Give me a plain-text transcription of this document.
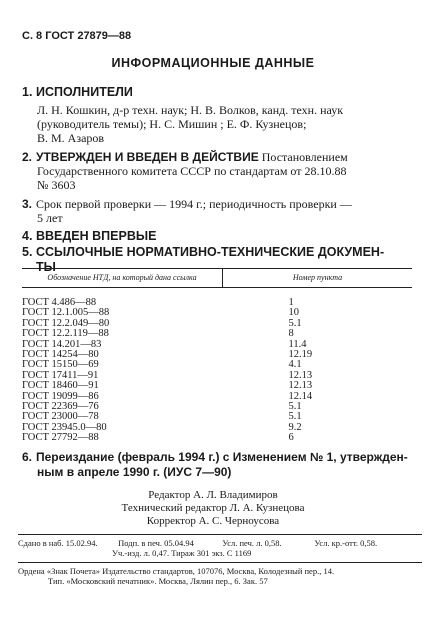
С. 8 ГОСТ 27879—88
ИНФОРМАЦИОННЫЕ ДАННЫЕ
1. ИСПОЛНИТЕЛИ
Л. Н. Кошкин, д-р техн. наук; Н. В. Волков, канд. техн. наук
(руководитель темы); Н. С. Мишин ; Е. Ф. Кузнецов;
В. М. Азаров
2. УТВЕРЖДЕН И ВВЕДЕН В ДЕЙСТВИЕ Постановлением
Государственного комитета СССР по стандартам от 28.10.88
№ 3603
3. Срок первой проверки — 1994 г.; периодичность проверки —
5 лет
4. ВВЕДЕН ВПЕРВЫЕ
5. ССЫЛОЧНЫЕ НОРМАТИВНО-ТЕХНИЧЕСКИЕ ДОКУМЕН-
ТЫ
Обозначение НТД, на который дана ссылка	Номер пункта
ГОСТ 4.486—88	1
ГОСТ 12.1.005—88	10
ГОСТ 12.2.049—80	5.1
ГОСТ 12.2.119—88	8
ГОСТ 14.201—83	11.4
ГОСТ 14254—80	12.19
ГОСТ 15150—69	4.1
ГОСТ 17411—91	12.13
ГОСТ 18460—91	12.13
ГОСТ 19099—86	12.14
ГОСТ 22369—76	5.1
ГОСТ 23000—78	5.1
ГОСТ 23945.0—80	9.2
ГОСТ 27792—88	6
6. Переиздание (февраль 1994 г.) с Изменением № 1, утвержден-
ным в апреле 1990 г. (ИУС 7—90)
Редактор А. Л. Владимиров
Технический редактор Л. А. Кузнецова
Корректор А. С. Черноусова
Сдано в наб. 15.02.94. Подп. в печ. 05.04.94	Усл. печ. л. 0,58.	Усл. кр.-отт. 0,58.
Уч.-изд. л. 0,47. Тираж 301 экз. С 1169
Ордена «Знак Почета» Издательство стандартов, 107076, Москва, Колодезный пер., 14.
Тип. «Московский печатник». Москва, Лялин пер., 6. Зак. 57
